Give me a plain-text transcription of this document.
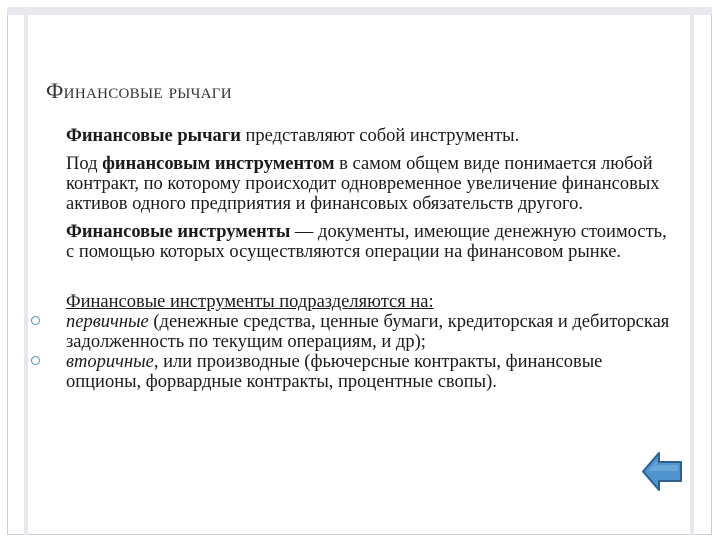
Финансовые рычаги

Финансовые рычаги представляют собой инструменты.

Под финансовым инструментом в самом общем виде понимается любой контракт, по которому происходит одновременное увеличение финансовых активов одного предприятия и финансовых обязательств другого.

Финансовые инструменты — документы, имеющие денежную стоимость, с помощью которых осуществляются операции на финансовом рынке.

Финансовые инструменты подразделяются на:

первичные (денежные средства, ценные бумаги, кредиторская и дебиторская задолженность по текущим операциям, и др);
вторичные, или производные (фьючерсные контракты, финансовые опционы, форвардные контракты, процентные свопы).
